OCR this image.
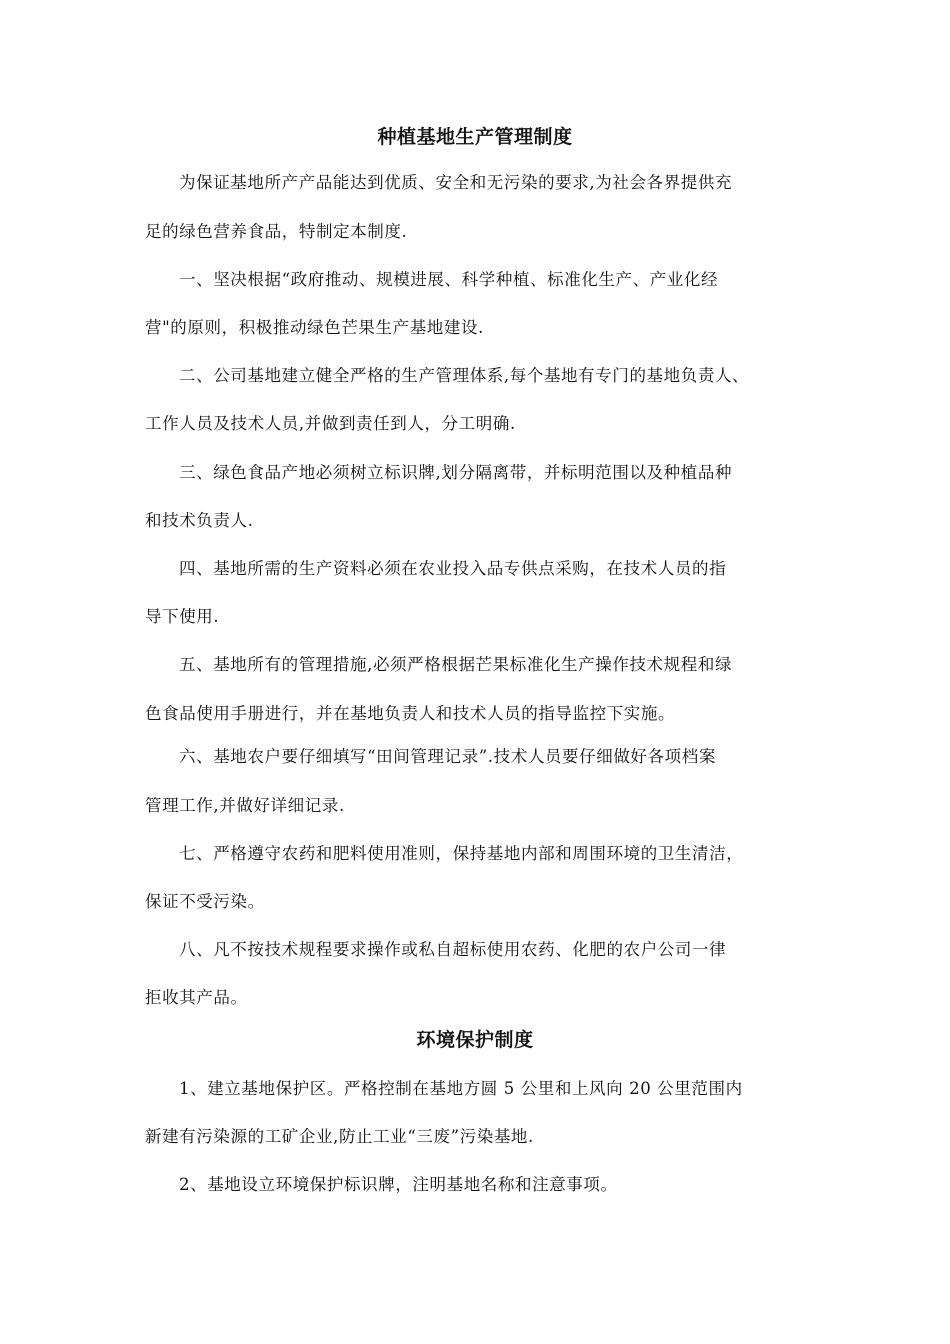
种植基地生产管理制度
为保证基地所产产品能达到优质、安全和无污染的要求,为社会各界提供充
足的绿色营养食品，特制定本制度.
一、坚决根据“政府推动、规模进展、科学种植、标准化生产、产业化经
营"的原则，积极推动绿色芒果生产基地建设.
二、公司基地建立健全严格的生产管理体系,每个基地有专门的基地负责人、
工作人员及技术人员,并做到责任到人，分工明确.
三、绿色食品产地必须树立标识牌,划分隔离带，并标明范围以及种植品种
和技术负责人.
四、基地所需的生产资料必须在农业投入品专供点采购，在技术人员的指
导下使用.
五、基地所有的管理措施,必须严格根据芒果标准化生产操作技术规程和绿
色食品使用手册进行，并在基地负责人和技术人员的指导监控下实施。
六、基地农户要仔细填写“田间管理记录”.技术人员要仔细做好各项档案
管理工作,并做好详细记录.
七、严格遵守农药和肥料使用准则，保持基地内部和周围环境的卫生清洁，
保证不受污染。
八、凡不按技术规程要求操作或私自超标使用农药、化肥的农户公司一律
拒收其产品。
环境保护制度
1、建立基地保护区。严格控制在基地方圆 5 公里和上风向 20 公里范围内
新建有污染源的工矿企业,防止工业“三废”污染基地.
2、基地设立环境保护标识牌，注明基地名称和注意事项。
